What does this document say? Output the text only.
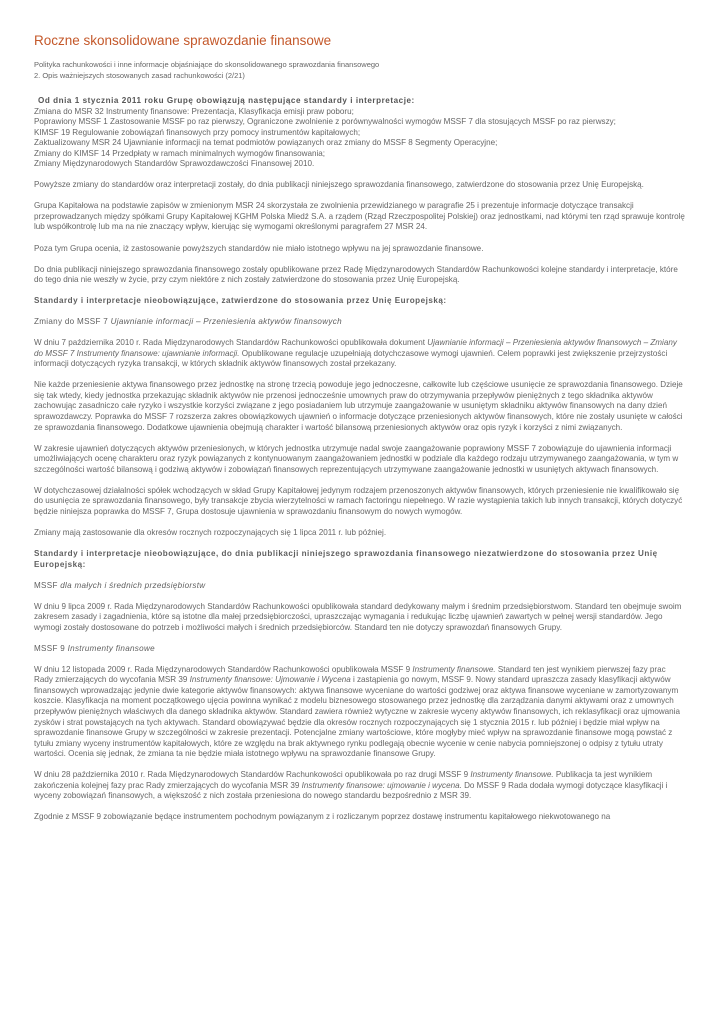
Roczne skonsolidowane sprawozdanie finansowe
Polityka rachunkowości i inne informacje objaśniające do skonsolidowanego sprawozdania finansowego
2. Opis ważniejszych stosowanych zasad rachunkowości (2/21)
Od dnia 1 stycznia 2011 roku Grupę obowiązują następujące standardy i interpretacje:
Zmiana do MSR 32 Instrumenty finansowe: Prezentacja, Klasyfikacja emisji praw poboru;
Poprawiony MSSF 1 Zastosowanie MSSF po raz pierwszy, Ograniczone zwolnienie z porównywalności wymogów MSSF 7 dla stosujących MSSF po raz pierwszy;
KIMSF 19 Regulowanie zobowiązań finansowych przy pomocy instrumentów kapitałowych;
Zaktualizowany MSR 24 Ujawnianie informacji na temat podmiotów powiązanych oraz zmiany do MSSF 8 Segmenty Operacyjne;
Zmiany do KIMSF 14 Przedpłaty w ramach minimalnych wymogów finansowania;
Zmiany Międzynarodowych Standardów Sprawozdawczości Finansowej 2010.

Powyższe zmiany do standardów oraz interpretacji zostały, do dnia publikacji niniejszego sprawozdania finansowego, zatwierdzone do stosowania przez Unię Europejską.

Grupa Kapitałowa na podstawie zapisów w zmienionym MSR 24 skorzystała ze zwolnienia przewidzianego w paragrafie 25 i prezentuje informacje dotyczące transakcji przeprowadzanych między spółkami Grupy Kapitałowej KGHM Polska Miedź S.A. a rządem (Rząd Rzeczpospolitej Polskiej) oraz jednostkami, nad którymi ten rząd sprawuje kontrolę lub współkontrolę lub ma na nie znaczący wpływ, kierując się wymogami określonymi paragrafem 27 MSR 24.

Poza tym Grupa ocenia, iż zastosowanie powyższych standardów nie miało istotnego wpływu na jej sprawozdanie finansowe.

Do dnia publikacji niniejszego sprawozdania finansowego zostały opublikowane przez Radę Międzynarodowych Standardów Rachunkowości kolejne standardy i interpretacje, które do tego dnia nie weszły w życie, przy czym niektóre z nich zostały zatwierdzone do stosowania przez Unię Europejską.

Standardy i interpretacje nieobowiązujące, zatwierdzone do stosowania przez Unię Europejską:

Zmiany do MSSF 7 Ujawnianie informacji – Przeniesienia aktywów finansowych

W dniu 7 października 2010 r. Rada Międzynarodowych Standardów Rachunkowości opublikowała dokument Ujawnianie informacji – Przeniesienia aktywów finansowych – Zmiany do MSSF 7 Instrumenty finansowe: ujawnianie informacji. Opublikowane regulacje uzupełniają dotychczasowe wymogi ujawnień. Celem poprawki jest zwiększenie przejrzystości informacji dotyczących ryzyka transakcji, w których składnik aktywów finansowych został przekazany.

Nie każde przeniesienie aktywa finansowego przez jednostkę na stronę trzecią powoduje jego jednoczesne, całkowite lub częściowe usunięcie ze sprawozdania finansowego. Dzieje się tak wtedy, kiedy jednostka przekazując składnik aktywów nie przenosi jednocześnie umownych praw do otrzymywania przepływów pieniężnych z tego składnika aktywów zachowując zasadniczo całe ryzyko i wszystkie korzyści związane z jego posiadaniem lub utrzymuje zaangażowanie w usuniętym składniku aktywów finansowych na dany dzień sprawozdawczy. Poprawka do MSSF 7 rozszerza zakres obowiązkowych ujawnień o informacje dotyczące przeniesionych aktywów finansowych, które nie zostały usunięte w całości ze sprawozdania finansowego. Dodatkowe ujawnienia obejmują charakter i wartość bilansową przeniesionych aktywów oraz opis ryzyk i korzyści z nimi związanych.

W zakresie ujawnień dotyczących aktywów przeniesionych, w których jednostka utrzymuje nadal swoje zaangażowanie poprawiony MSSF 7 zobowiązuje do ujawnienia informacji umożliwiających ocenę charakteru oraz ryzyk powiązanych z kontynuowanym zaangażowaniem jednostki w podziale dla każdego rodzaju utrzymywanego zaangażowania, w tym w szczególności wartość bilansową i godziwą aktywów i zobowiązań finansowych reprezentujących utrzymywane zaangażowanie jednostki w usuniętych aktywach finansowych.

W dotychczasowej działalności spółek wchodzących w skład Grupy Kapitałowej jedynym rodzajem przenoszonych aktywów finansowych, których przeniesienie nie kwalifikowało się do usunięcia ze sprawozdania finansowego, były transakcje zbycia wierzytelności w ramach factoringu niepełnego. W razie wystąpienia takich lub innych transakcji, których dotyczyć będzie niniejsza poprawka do MSSF 7, Grupa dostosuje ujawnienia w sprawozdaniu finansowym do nowych wymogów.

Zmiany mają zastosowanie dla okresów rocznych rozpoczynających się 1 lipca 2011 r. lub później.

Standardy i interpretacje nieobowiązujące, do dnia publikacji niniejszego sprawozdania finansowego niezatwierdzone do stosowania przez Unię Europejską:

MSSF dla małych i średnich przedsiębiorstw

W dniu 9 lipca 2009 r. Rada Międzynarodowych Standardów Rachunkowości opublikowała standard dedykowany małym i średnim przedsiębiorstwom. Standard ten obejmuje swoim zakresem zasady i zagadnienia, które są istotne dla małej przedsiębiorczości, upraszczając wymagania i redukując liczbę ujawnień zawartych w pełnej wersji standardów. Jego wymogi zostały dostosowane do potrzeb i możliwości małych i średnich przedsiębiorców. Standard ten nie dotyczy sprawozdań finansowych Grupy.

MSSF 9 Instrumenty finansowe

W dniu 12 listopada 2009 r. Rada Międzynarodowych Standardów Rachunkowości opublikowała MSSF 9 Instrumenty finansowe. Standard ten jest wynikiem pierwszej fazy prac Rady zmierzających do wycofania MSR 39 Instrumenty finansowe: Ujmowanie i Wycena i zastąpienia go nowym, MSSF 9. Nowy standard upraszcza zasady klasyfikacji aktywów finansowych wprowadzając jedynie dwie kategorie aktywów finansowych: aktywa finansowe wyceniane do wartości godziwej oraz aktywa finansowe wyceniane w zamortyzowanym koszcie. Klasyfikacja na moment początkowego ujęcia powinna wynikać z modelu biznesowego stosowanego przez jednostkę dla zarządzania danymi aktywami oraz z umownych przepływów pieniężnych właściwych dla danego składnika aktywów. Standard zawiera również wytyczne w zakresie wyceny aktywów finansowych, ich reklasyfikacji oraz ujmowania zysków i strat powstających na tych aktywach. Standard obowiązywać będzie dla okresów rocznych rozpoczynających się 1 stycznia 2015 r. lub później i będzie miał wpływ na sprawozdanie finansowe Grupy w szczególności w zakresie prezentacji. Potencjalne zmiany wartościowe, które mogłyby mieć wpływ na sprawozdanie finansowe mogą powstać z tytułu zmiany wyceny instrumentów kapitałowych, które ze względu na brak aktywnego rynku podlegają obecnie wycenie w cenie nabycia pomniejszonej o odpisy z tytułu utraty wartości. Ocenia się jednak, że zmiana ta nie będzie miała istotnego wpływu na sprawozdanie finansowe Grupy.

W dniu 28 października 2010 r. Rada Międzynarodowych Standardów Rachunkowości opublikowała po raz drugi MSSF 9 Instrumenty finansowe. Publikacja ta jest wynikiem zakończenia kolejnej fazy prac Rady zmierzających do wycofania MSR 39 Instrumenty finansowe: ujmowanie i wycena. Do MSSF 9 Rada dodała wymogi dotyczące klasyfikacji i wyceny zobowiązań finansowych, a większość z nich została przeniesiona do nowego standardu bezpośrednio z MSR 39.

Zgodnie z MSSF 9 zobowiązanie będące instrumentem pochodnym powiązanym z i rozliczanym poprzez dostawę instrumentu kapitałowego niekwotowanego na
